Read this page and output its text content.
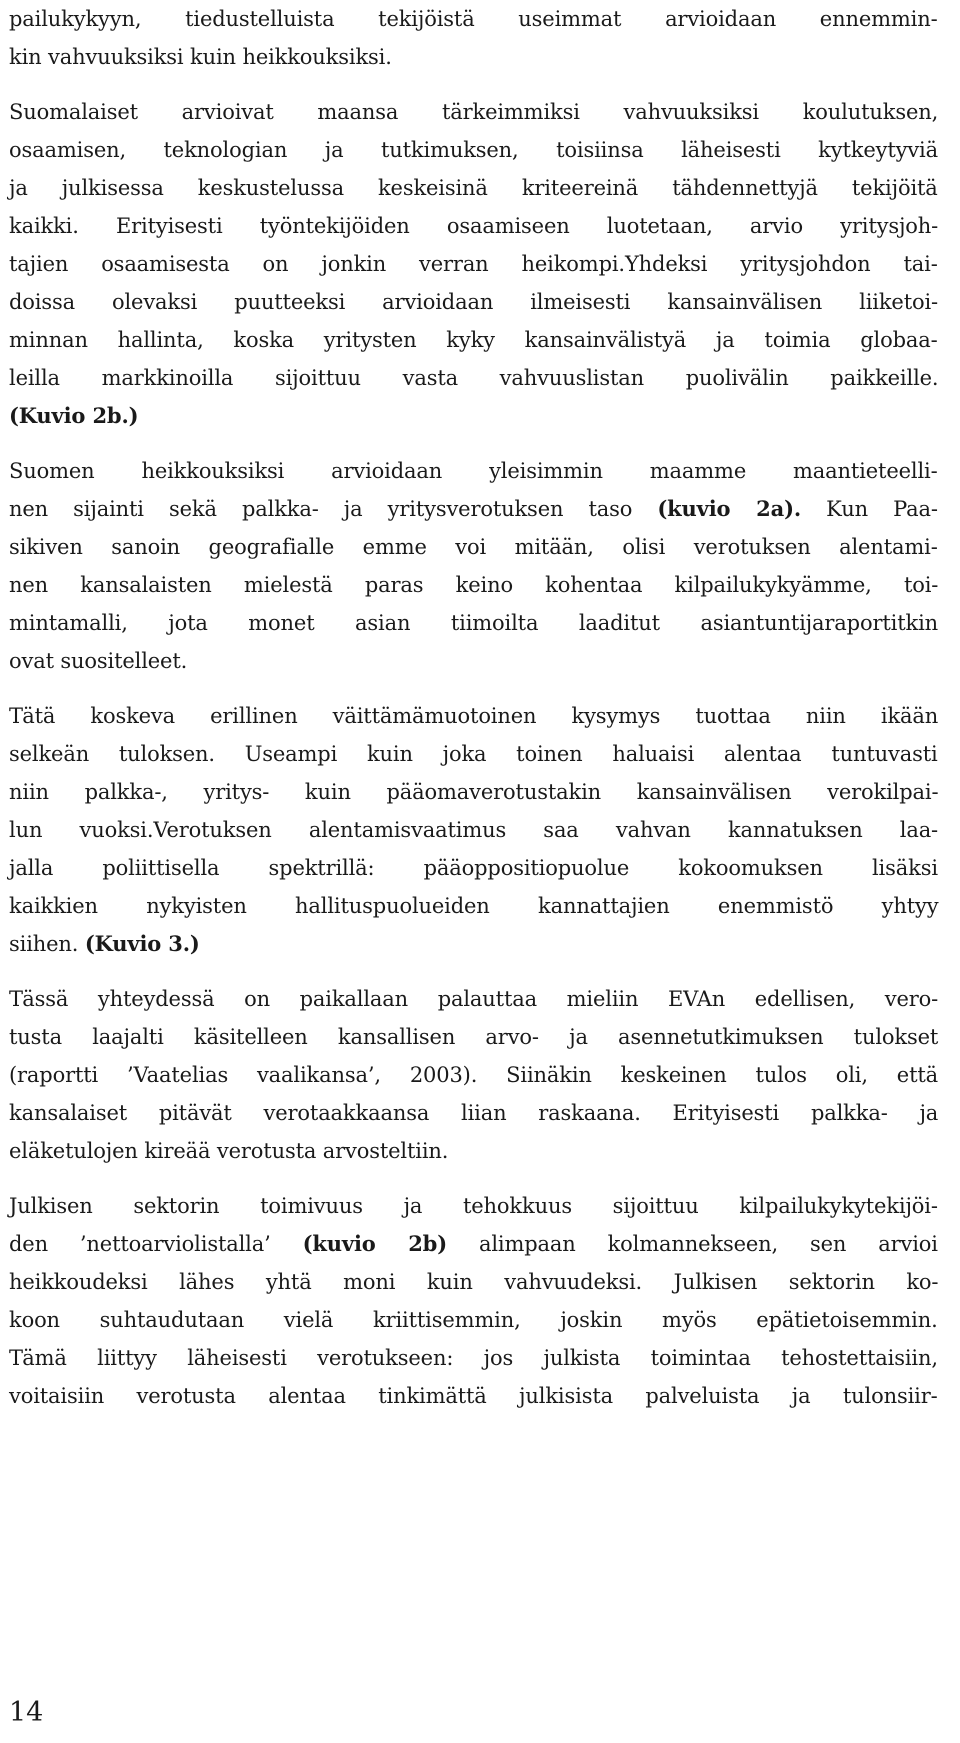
pailukykyyn, tiedustelluista tekijöistä useimmat arvioidaan ennemmin-
kin vahvuuksiksi kuin heikkouksiksi.
Suomalaiset arvioivat maansa tärkeimmiksi vahvuuksiksi koulutuksen,
osaamisen, teknologian ja tutkimuksen, toisiinsa läheisesti kytkeytyviä
ja julkisessa keskustelussa keskeisinä kriteereinä tähdennettyjä tekijöitä
kaikki. Erityisesti työntekijöiden osaamiseen luotetaan, arvio yritysjoh-
tajien osaamisesta on jonkin verran heikompi.Yhdeksi yritysjohdon tai-
doissa olevaksi puutteeksi arvioidaan ilmeisesti kansainvälisen liiketoi-
minnan hallinta, koska yritysten kyky kansainvälistyä ja toimia globaa-
leilla markkinoilla sijoittuu vasta vahvuuslistan puolivälin paikkeille.
(Kuvio 2b.)
Suomen heikkouksiksi arvioidaan yleisimmin maamme maantieteelli-
nen sijainti sekä palkka- ja yritysverotuksen taso (kuvio 2a). Kun Paa-
sikiven sanoin geografialle emme voi mitään, olisi verotuksen alentami-
nen kansalaisten mielestä paras keino kohentaa kilpailukykyämme, toi-
mintamalli, jota monet asian tiimoilta laaditut asiantuntijaraportitkin
ovat suositelleet.
Tätä koskeva erillinen väittämämuotoinen kysymys tuottaa niin ikään
selkeän tuloksen. Useampi kuin joka toinen haluaisi alentaa tuntuvasti
niin palkka-, yritys- kuin pääomaverotustakin kansainvälisen verokilpai-
lun vuoksi.Verotuksen alentamisvaatimus saa vahvan kannatuksen laa-
jalla poliittisella spektrillä: pääoppositiopuolue kokoomuksen lisäksi
kaikkien nykyisten hallituspuolueiden kannattajien enemmistö yhtyy
siihen. (Kuvio 3.)
Tässä yhteydessä on paikallaan palauttaa mieliin EVAn edellisen, vero-
tusta laajalti käsitelleen kansallisen arvo- ja asennetutkimuksen tulokset
(raportti ’Vaatelias vaalikansa’, 2003). Siinäkin keskeinen tulos oli, että
kansalaiset pitävät verotaakkaansa liian raskaana. Erityisesti palkka- ja
eläketulojen kireää verotusta arvosteltiin.
Julkisen sektorin toimivuus ja tehokkuus sijoittuu kilpailukykytekijöi-
den ’nettoarviolistalla’ (kuvio 2b) alimpaan kolmannekseen, sen arvioi
heikkoudeksi lähes yhtä moni kuin vahvuudeksi. Julkisen sektorin ko-
koon suhtaudutaan vielä kriittisemmin, joskin myös epätietoisemmin.
Tämä liittyy läheisesti verotukseen: jos julkista toimintaa tehostettaisiin,
voitaisiin verotusta alentaa tinkimättä julkisista palveluista ja tulonsiir-
14
